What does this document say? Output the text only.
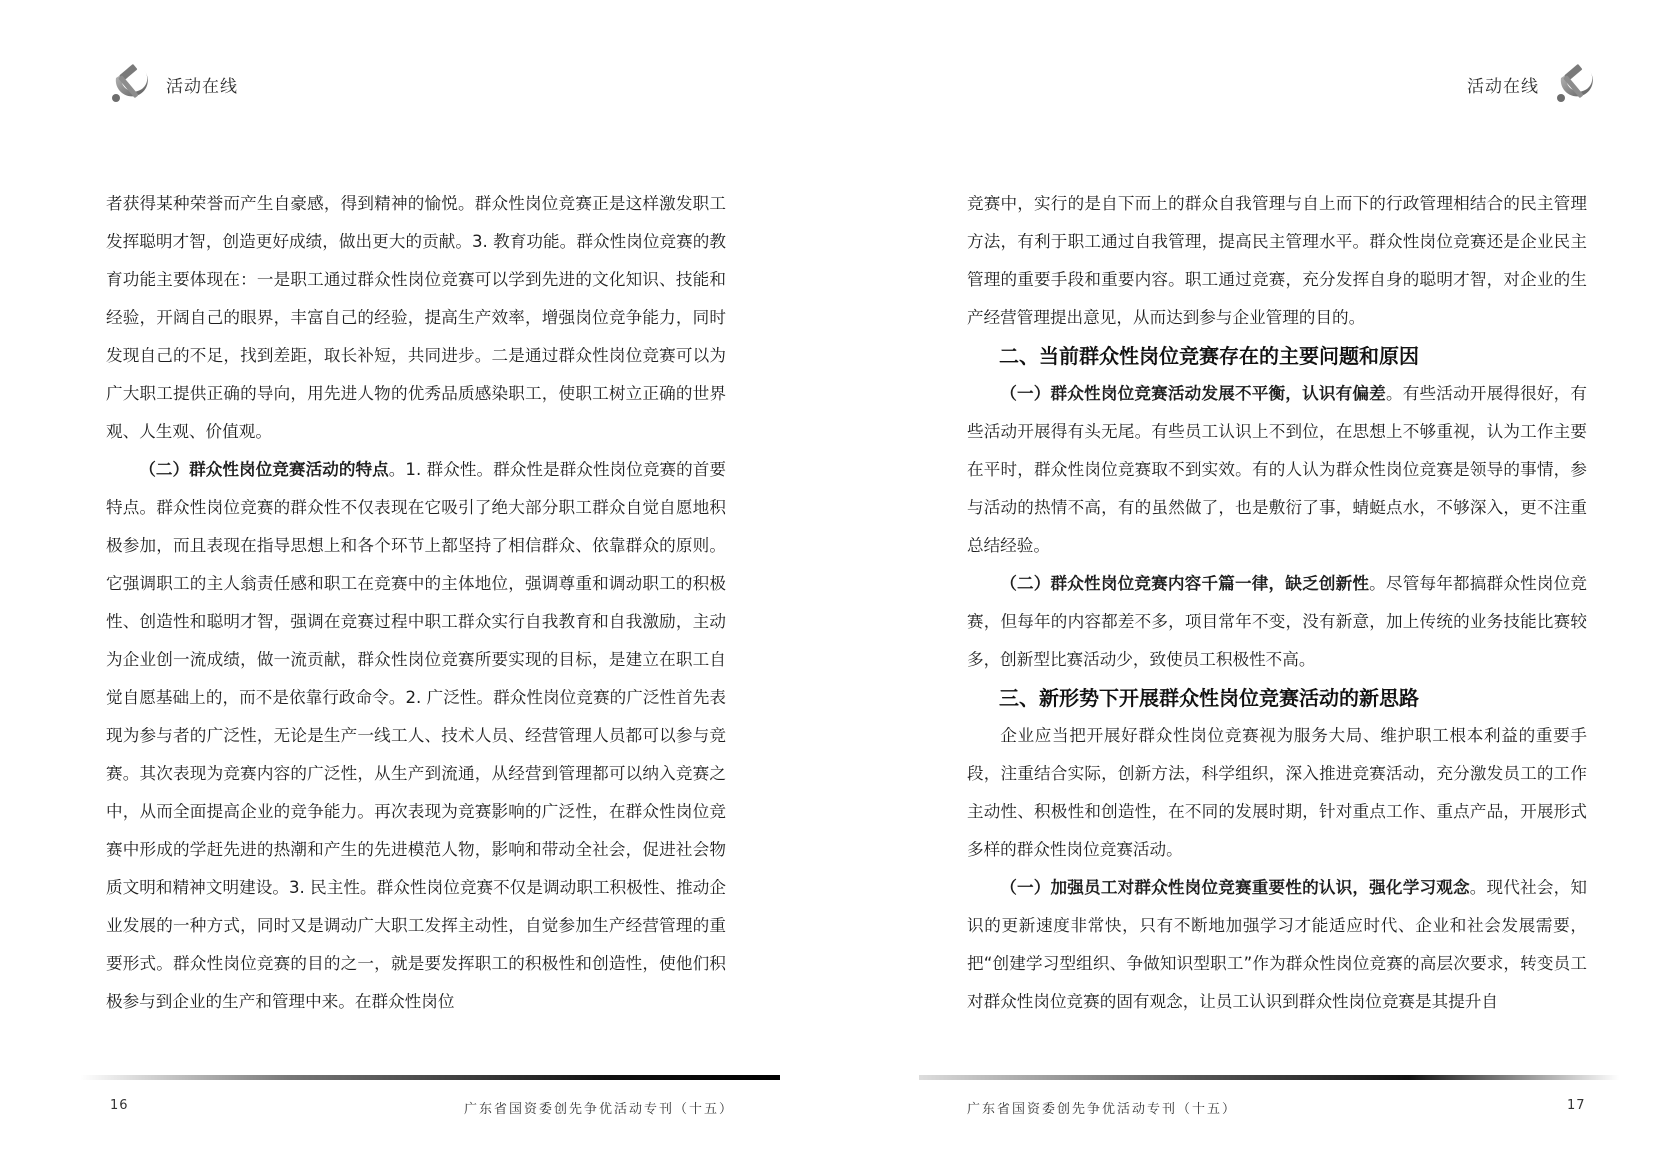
活动在线

者获得某种荣誉而产生自豪感，得到精神的愉悦。群众性岗位竞赛正是这样激发职工发挥聪明才智，创造更好成绩，做出更大的贡献。3. 教育功能。群众性岗位竞赛的教育功能主要体现在：一是职工通过群众性岗位竞赛可以学到先进的文化知识、技能和经验，开阔自己的眼界，丰富自己的经验，提高生产效率，增强岗位竞争能力，同时发现自己的不足，找到差距，取长补短，共同进步。二是通过群众性岗位竞赛可以为广大职工提供正确的导向，用先进人物的优秀品质感染职工，使职工树立正确的世界观、人生观、价值观。

（二）群众性岗位竞赛活动的特点。1. 群众性。群众性是群众性岗位竞赛的首要特点。群众性岗位竞赛的群众性不仅表现在它吸引了绝大部分职工群众自觉自愿地积极参加，而且表现在指导思想上和各个环节上都坚持了相信群众、依靠群众的原则。它强调职工的主人翁责任感和职工在竞赛中的主体地位，强调尊重和调动职工的积极性、创造性和聪明才智，强调在竞赛过程中职工群众实行自我教育和自我激励，主动为企业创一流成绩，做一流贡献，群众性岗位竞赛所要实现的目标，是建立在职工自觉自愿基础上的，而不是依靠行政命令。2. 广泛性。群众性岗位竞赛的广泛性首先表现为参与者的广泛性，无论是生产一线工人、技术人员、经营管理人员都可以参与竞赛。其次表现为竞赛内容的广泛性，从生产到流通，从经营到管理都可以纳入竞赛之中，从而全面提高企业的竞争能力。再次表现为竞赛影响的广泛性，在群众性岗位竞赛中形成的学赶先进的热潮和产生的先进模范人物，影响和带动全社会，促进社会物质文明和精神文明建设。3. 民主性。群众性岗位竞赛不仅是调动职工积极性、推动企业发展的一种方式，同时又是调动广大职工发挥主动性，自觉参加生产经营管理的重要形式。群众性岗位竞赛的目的之一，就是要发挥职工的积极性和创造性，使他们积极参与到企业的生产和管理中来。在群众性岗位

16	广东省国资委创先争优活动专刊（十五）
活动在线

竞赛中，实行的是自下而上的群众自我管理与自上而下的行政管理相结合的民主管理方法，有利于职工通过自我管理，提高民主管理水平。群众性岗位竞赛还是企业民主管理的重要手段和重要内容。职工通过竞赛，充分发挥自身的聪明才智，对企业的生产经营管理提出意见，从而达到参与企业管理的目的。

二、当前群众性岗位竞赛存在的主要问题和原因

（一）群众性岗位竞赛活动发展不平衡，认识有偏差。有些活动开展得很好，有些活动开展得有头无尾。有些员工认识上不到位，在思想上不够重视，认为工作主要在平时，群众性岗位竞赛取不到实效。有的人认为群众性岗位竞赛是领导的事情，参与活动的热情不高，有的虽然做了，也是敷衍了事，蜻蜓点水，不够深入，更不注重总结经验。

（二）群众性岗位竞赛内容千篇一律，缺乏创新性。尽管每年都搞群众性岗位竞赛，但每年的内容都差不多，项目常年不变，没有新意，加上传统的业务技能比赛较多，创新型比赛活动少，致使员工积极性不高。

三、新形势下开展群众性岗位竞赛活动的新思路

企业应当把开展好群众性岗位竞赛视为服务大局、维护职工根本利益的重要手段，注重结合实际，创新方法，科学组织，深入推进竞赛活动，充分激发员工的工作主动性、积极性和创造性，在不同的发展时期，针对重点工作、重点产品，开展形式多样的群众性岗位竞赛活动。

（一）加强员工对群众性岗位竞赛重要性的认识，强化学习观念。现代社会，知识的更新速度非常快，只有不断地加强学习才能适应时代、企业和社会发展需要，把“创建学习型组织、争做知识型职工”作为群众性岗位竞赛的高层次要求，转变员工对群众性岗位竞赛的固有观念，让员工认识到群众性岗位竞赛是其提升自

广东省国资委创先争优活动专刊（十五）	17
